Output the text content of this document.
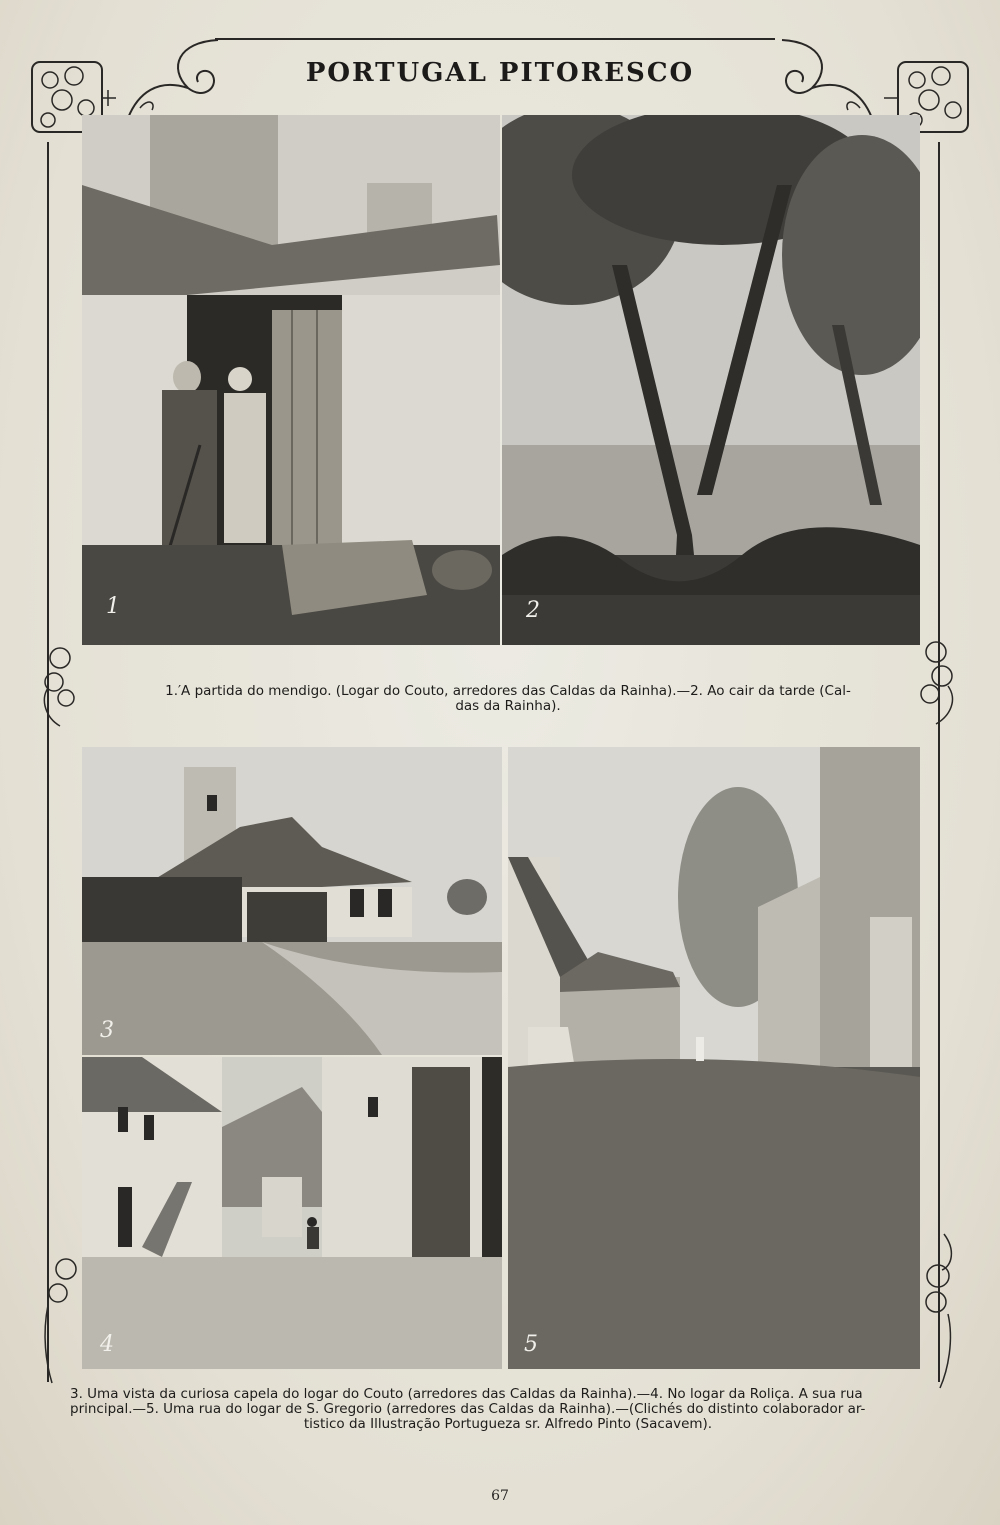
PORTUGAL PITORESCO
1	2
1.′A partida do mendigo. (Logar do Couto, arredores das Caldas da Rainha).—2. Ao cair da tarde (Cal-
das da Rainha).
3
4	5
3. Uma vista da curiosa capela do logar do Couto (arredores das Caldas da Rainha).—4. No logar da Roliça. A sua rua
principal.—5. Uma rua do logar de S. Gregorio (arredores das Caldas da Rainha).—(Clichés do distinto colaborador ar-
tistico da Illustração Portugueza sr. Alfredo Pinto (Sacavem).
67
